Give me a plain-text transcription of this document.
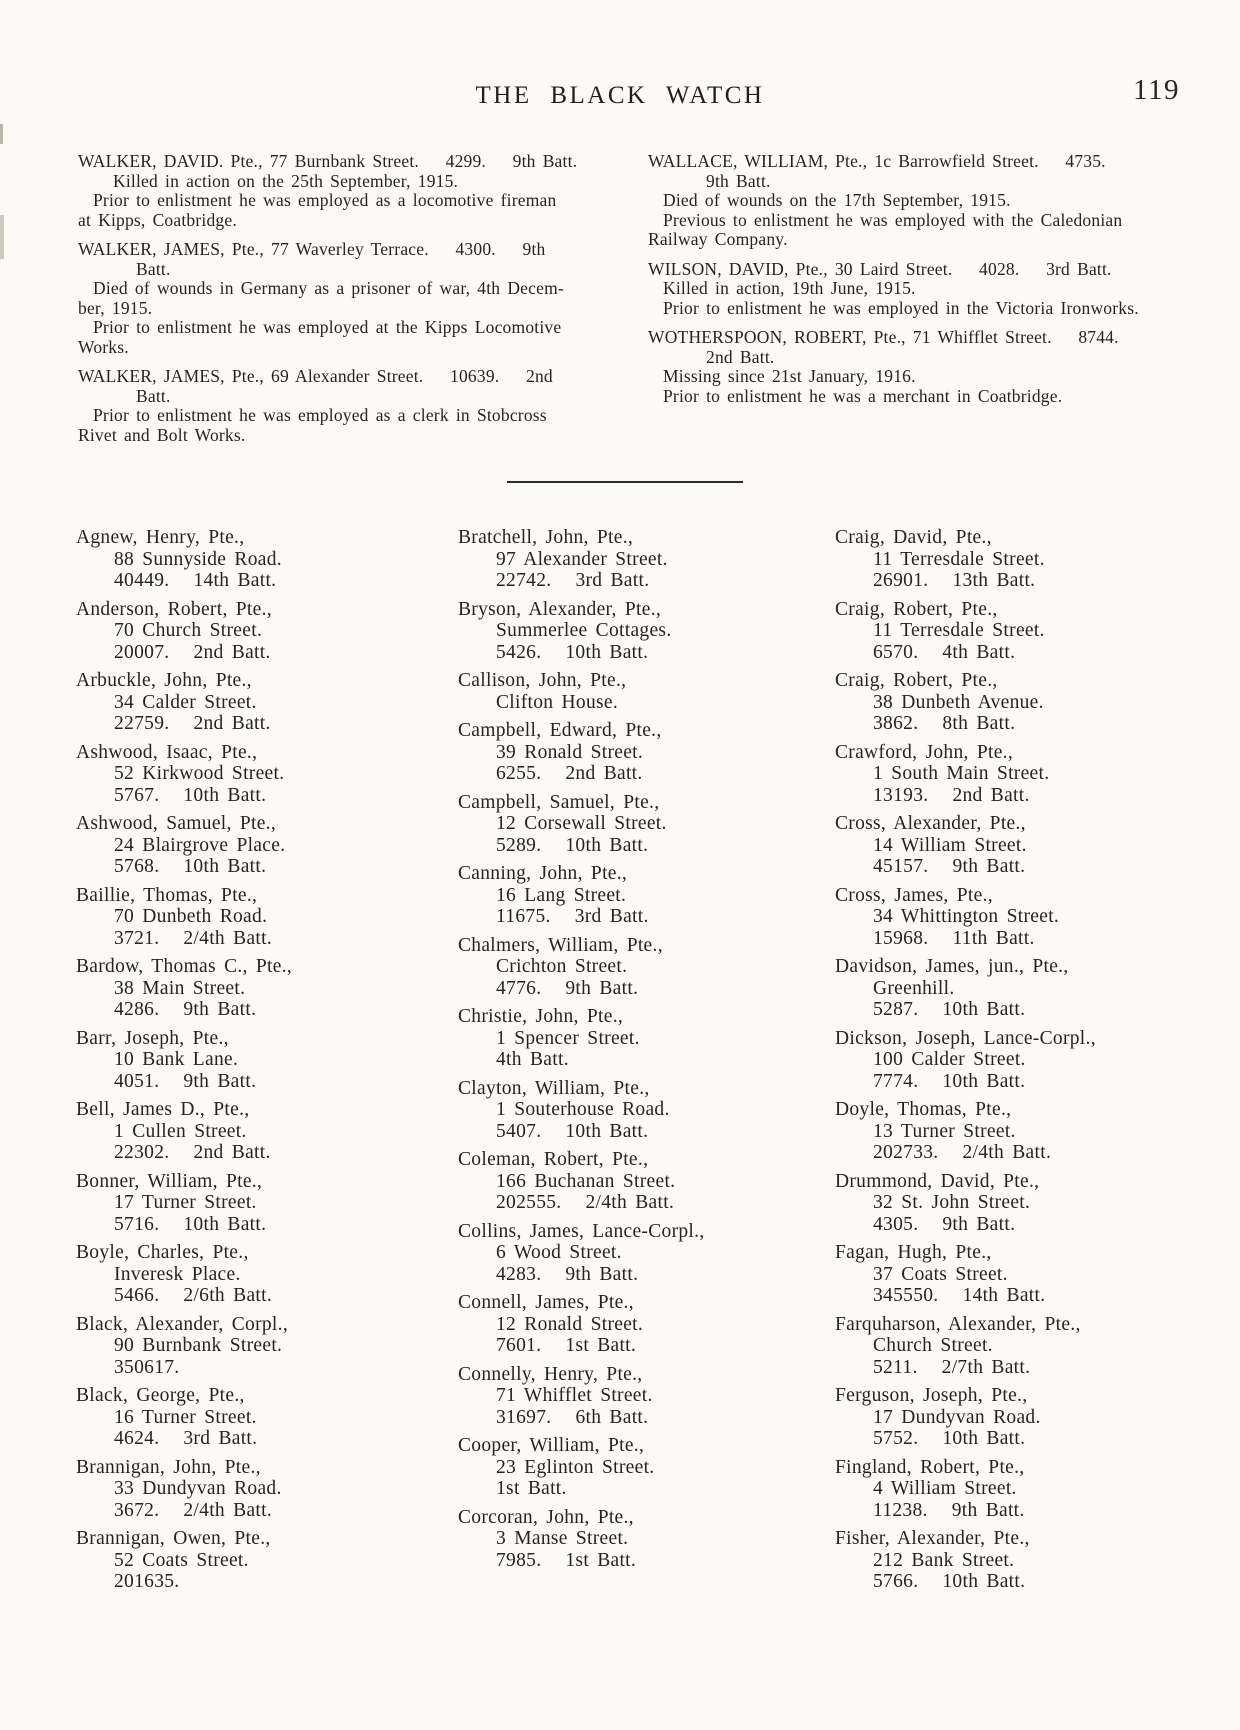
THE BLACK WATCH	119
WALKER, DAVID. Pte., 77 Burnbank Street.  4299.  9th Batt.
Killed in action on the 25th September, 1915.
Prior to enlistment he was employed as a locomotive fireman
at Kipps, Coatbridge.
WALKER, JAMES, Pte., 77 Waverley Terrace.  4300.  9th
Batt.
Died of wounds in Germany as a prisoner of war, 4th Decem-
ber, 1915.
Prior to enlistment he was employed at the Kipps Locomotive
Works.
WALKER, JAMES, Pte., 69 Alexander Street.  10639.  2nd
Batt.
Prior to enlistment he was employed as a clerk in Stobcross
Rivet and Bolt Works.
WALLACE, WILLIAM, Pte., 1c Barrowfield Street.  4735.
9th Batt.
Died of wounds on the 17th September, 1915.
Previous to enlistment he was employed with the Caledonian
Railway Company.
WILSON, DAVID, Pte., 30 Laird Street.  4028.  3rd Batt.
Killed in action, 19th June, 1915.
Prior to enlistment he was employed in the Victoria Ironworks.
WOTHERSPOON, ROBERT, Pte., 71 Whifflet Street.  8744.
2nd Batt.
Missing since 21st January, 1916.
Prior to enlistment he was a merchant in Coatbridge.
Agnew, Henry, Pte.,
88 Sunnyside Road.
40449. 14th Batt.
Anderson, Robert, Pte.,
70 Church Street.
20007. 2nd Batt.
Arbuckle, John, Pte.,
34 Calder Street.
22759. 2nd Batt.
Ashwood, Isaac, Pte.,
52 Kirkwood Street.
5767. 10th Batt.
Ashwood, Samuel, Pte.,
24 Blairgrove Place.
5768. 10th Batt.
Baillie, Thomas, Pte.,
70 Dunbeth Road.
3721. 2/4th Batt.
Bardow, Thomas C., Pte.,
38 Main Street.
4286. 9th Batt.
Barr, Joseph, Pte.,
10 Bank Lane.
4051. 9th Batt.
Bell, James D., Pte.,
1 Cullen Street.
22302. 2nd Batt.
Bonner, William, Pte.,
17 Turner Street.
5716. 10th Batt.
Boyle, Charles, Pte.,
Inveresk Place.
5466. 2/6th Batt.
Black, Alexander, Corpl.,
90 Burnbank Street.
350617.
Black, George, Pte.,
16 Turner Street.
4624. 3rd Batt.
Brannigan, John, Pte.,
33 Dundyvan Road.
3672. 2/4th Batt.
Brannigan, Owen, Pte.,
52 Coats Street.
201635.
Bratchell, John, Pte.,
97 Alexander Street.
22742. 3rd Batt.
Bryson, Alexander, Pte.,
Summerlee Cottages.
5426. 10th Batt.
Callison, John, Pte.,
Clifton House.
Campbell, Edward, Pte.,
39 Ronald Street.
6255. 2nd Batt.
Campbell, Samuel, Pte.,
12 Corsewall Street.
5289. 10th Batt.
Canning, John, Pte.,
16 Lang Street.
11675. 3rd Batt.
Chalmers, William, Pte.,
Crichton Street.
4776. 9th Batt.
Christie, John, Pte.,
1 Spencer Street.
4th Batt.
Clayton, William, Pte.,
1 Souterhouse Road.
5407. 10th Batt.
Coleman, Robert, Pte.,
166 Buchanan Street.
202555. 2/4th Batt.
Collins, James, Lance-Corpl.,
6 Wood Street.
4283. 9th Batt.
Connell, James, Pte.,
12 Ronald Street.
7601. 1st Batt.
Connelly, Henry, Pte.,
71 Whifflet Street.
31697. 6th Batt.
Cooper, William, Pte.,
23 Eglinton Street.
1st Batt.
Corcoran, John, Pte.,
3 Manse Street.
7985. 1st Batt.
Craig, David, Pte.,
11 Terresdale Street.
26901. 13th Batt.
Craig, Robert, Pte.,
11 Terresdale Street.
6570. 4th Batt.
Craig, Robert, Pte.,
38 Dunbeth Avenue.
3862. 8th Batt.
Crawford, John, Pte.,
1 South Main Street.
13193. 2nd Batt.
Cross, Alexander, Pte.,
14 William Street.
45157. 9th Batt.
Cross, James, Pte.,
34 Whittington Street.
15968. 11th Batt.
Davidson, James, jun., Pte.,
Greenhill.
5287. 10th Batt.
Dickson, Joseph, Lance-Corpl.,
100 Calder Street.
7774. 10th Batt.
Doyle, Thomas, Pte.,
13 Turner Street.
202733. 2/4th Batt.
Drummond, David, Pte.,
32 St. John Street.
4305. 9th Batt.
Fagan, Hugh, Pte.,
37 Coats Street.
345550. 14th Batt.
Farquharson, Alexander, Pte.,
Church Street.
5211. 2/7th Batt.
Ferguson, Joseph, Pte.,
17 Dundyvan Road.
5752. 10th Batt.
Fingland, Robert, Pte.,
4 William Street.
11238. 9th Batt.
Fisher, Alexander, Pte.,
212 Bank Street.
5766. 10th Batt.
